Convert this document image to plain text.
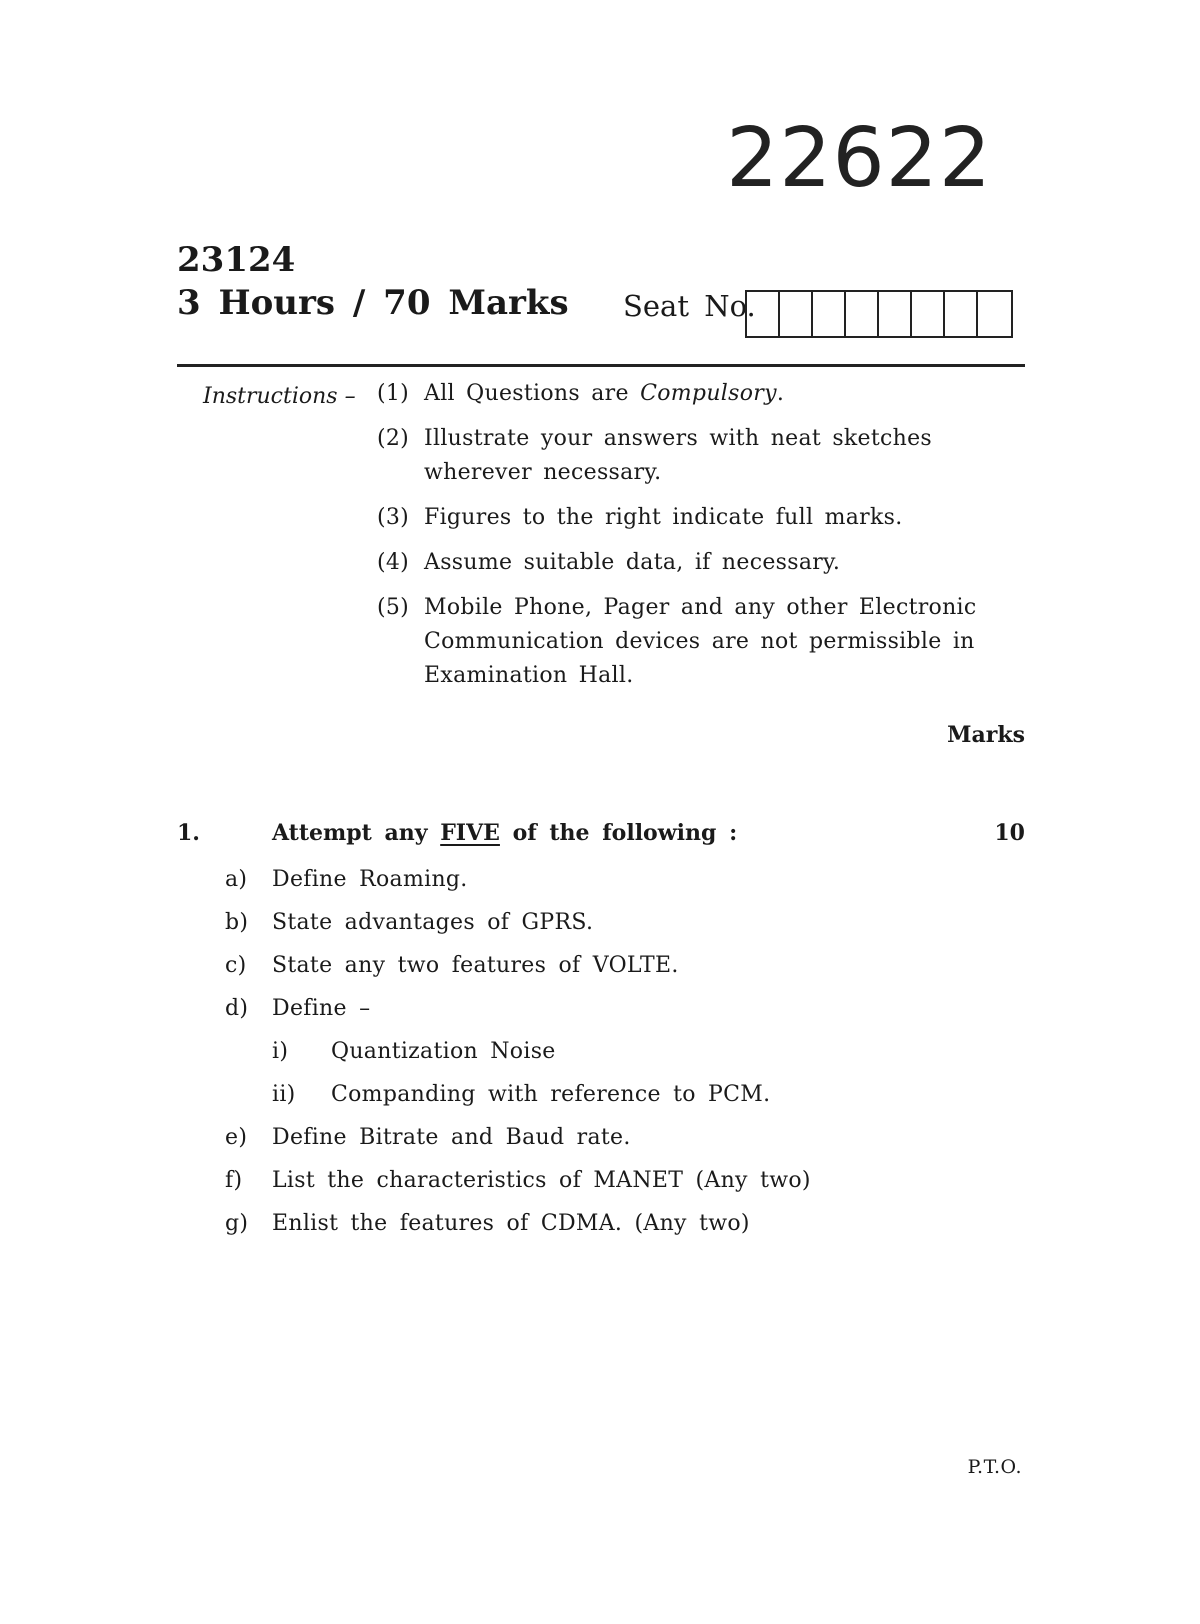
22622
23124
3 Hours / 70 Marks Seat No.
Instructions – (1) All Questions are Compulsory.
(2) Illustrate your answers with neat sketches wherever necessary.
(3) Figures to the right indicate full marks.
(4) Assume suitable data, if necessary.
(5) Mobile Phone, Pager and any other Electronic Communication devices are not permissible in Examination Hall.
Marks
1.	Attempt any FIVE of the following :	10
a)	Define Roaming.
b)	State advantages of GPRS.
c)	State any two features of VOLTE.
d)	Define –
i)	Quantization Noise
ii)	Companding with reference to PCM.
e)	Define Bitrate and Baud rate.
f)	List the characteristics of MANET (Any two)
g)	Enlist the features of CDMA. (Any two)
P.T.O.
